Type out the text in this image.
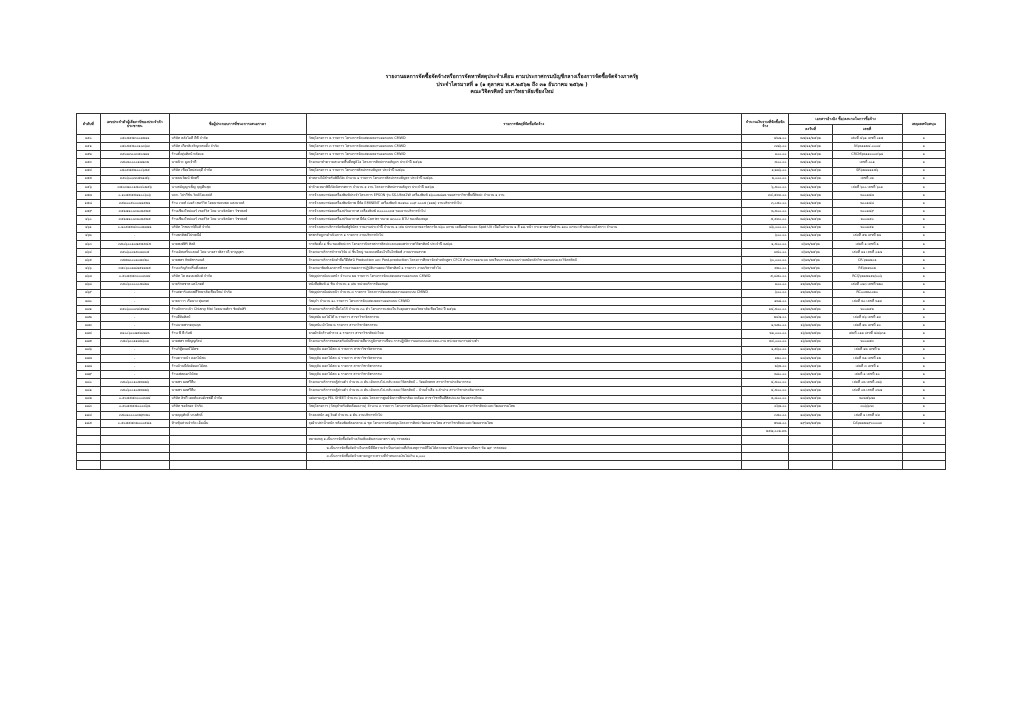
รายงานผลการจัดซื้อจัดจ้างหรือการจัดหาพัสดุประจำเดือน ตามประกาศกรมบัญชีกลางเรื่องการจัดซื้อจัดจ้างภาครัฐ
ประจำไตรมาสที่ ๑ (๑ ตุลาคม พ.ศ.๒๕๖๒ ถึง ๓๑ ธันวาคม ๒๕๖๒ )
คณะวิจิตรศิลป์ มหาวิทยาลัยเชียงใหม่
ลำดับที่	เลขประจำตัวผู้เสียภาษีของประจำตัวประชาชน	ชื่อผู้ประกอบการที่ชนะการเสนอราคา	รายการพัสดุที่จัดซื้อจัดจ้าง	จำนวนเงินรวมที่จัดซื้อจัดจ้าง	เอกสารอ้างอิง ซื้อ/ลงนามในการซื้อจ้าง		เหตุผลสนับสนุน
					ลงวันที่	เลขที่	
๑๕๐	๐๕๐๕๕๕๓๐๐๑๒๑๑	บริษัท คลังไอที ดีซี จำกัด	วัสดุโครงการ ๒ รายการ โครงการจัดแสดงผลงานออกแบบ CMWD	๔๒๗.๐๐	๒๗/๑๑/๒๕๖๒	เล่มที่ ๔๖๑ เลขที่ ๐๑๕	๑
๑๕๑	๐๕๐๕๕๕๐๐๑๐๓๖๗	บริษัท เกียรติเจริญเทรดดิ้ง จำกัด	วัสดุโครงการ ๓ รายการ โครงการจัดแสดงผลงานออกแบบ CMWD	๓๗๖.๐๐	๒๗/๑๑/๒๕๖๒	IV๖๒๑๑๒๔-๐๐๐๔	๑
๑๕๒	๓๕๐๑๓๐๐๓๕๐๗๑๑	ร้านตั้งยุ่นศิลป์ หลังมอ	วัสดุโครงการ ๑ รายการ โครงการจัดแสดงผลงานออกแบบ CMWD	๑๐๐.๐๐	๒๗/๑๑/๒๕๖๒	CRCM๖๒๑๑๐๐๐๓๖๘	๑
๑๕๓	๓๕๐๒๐๐๐๐๑๗๑๓๒	นายปิวะ มูลเจ้าที	จ้างเหมาทำความสะอาดพื้นที่สตูดิโอ โครงการศิลปกรรมสัญจร ประจำปี ๒๕๖๒	๕๐๐.๐๐	๒๗/๑๑/๒๕๖๒	เลขที่ ๐๐๑	๑
๑๕๔	๐๕๐๕๕๕๒๐๐๐๖๕๕	บริษัท เชียงใหม่สมฤดี จำกัด	วัสดุโครงการ ๑ รายการ โครงการศิลปกรรมสัญจร ประจำปี ๒๕๖๒	๑,๒๑๖.๐๐	๒๗/๑๑/๒๕๖๒	SR๖๒๑๑๑๑๕๖	๑
๑๕๕	๓๕๐๖๐๐๓๓๕๒๑๕๖	นายธนวัฒน์ พักศรี	ค่าหลวงไม้สำหรับพิธีเปิด จำนวน ๑ รายการ โครงการศิลปกรรมสัญจร ประจำปี ๒๕๖๒	๒,๐๐๐.๐๐	๒๗/๑๑/๒๕๖๒	เลขที่ ๐๒	๑
๑๕๖	๓๕๐๓๗๐๐๑๕๐๔๐๒๕๖	นางสมัญญาเพ็ญ บุญคืนสุด	ค่าจ้างเหมาพิธีเปิดนิทรรศการ จำนวน ๑ งาน โครงการศิลปกรรมสัญจร ประจำปี ๒๕๖๒	๖,๕๐๐.๐๐	๒๗/๑๑/๒๕๖๒	เล่มที่ ๖๐๐ เลขที่ ๖๐๑	๑
๑๕๗	๐-๑๐๕๕๕๕๑๑๐๐๖๐๖	บจก. โปรวีชั่น วิดดิโอแลปส์	การจ้างเหมาซ่อมเครื่องพิมพ์ประจำโครงการ EPSON รุ่น SS-Ultra2W เครื่องพิมพ์ ๑๖๐๐๒๘๑๒ ของสาขาวิชาพื้นที่ศิลปะ จำนวน ๑ งาน	๓๔,๕๓๓.๐๐	๒๘/๑๑/๒๕๖๒	๒๐๐๑๔๗	๑
๑๕๘	๓๕๑๐๐๕๐๐๐๑๑๕๒๑	ร้าน เวลท์ เมอร์ เซอร์วิส โดยนายธนพล แสงนวลต์	การจ้างเหมาซ่อมเครื่องพิมพ์ภาพ ยี่ห้อ EMINENT เครื่องพิมพ์ ๕๐๑๒๐ ๐๐๙ ๐๐๐๕ (๑๑๒) งานบริหารทั่วไป	๓,๐๕๐.๐๐	๒๘/๑๑/๒๕๖๒	๒๐๐๑๔๘	๑
๑๕๙	๓๕๑๗๑๐๐๓๑๐๒๕๒๕	ร้านเชียงใหม่แอร์ เซอร์วิส โดย นางจิตนิตา วัชรพงษ์	การจ้างเหมาซ่อมเครื่องปรับอากาศ เครื่องพิมพ์ ๓๐๐๐๐๐๓๕ ของงานบริหารทั่วไป	๒,๕๐๐.๐๐	๒๘/๑๑/๒๕๖๒	๒๐๐๑๔๙	๑
๑๖๐	๓๕๑๗๑๐๐๓๑๐๒๕๒๕	ร้านเชียงใหม่แอร์ เซอร์วิส โดย นางจิตนิตา วัชรพงษ์	การจ้างเหมาซ่อมเครื่องปรับอากาศ ยี่ห้อ Carrier ขนาด ๑๓๐๐๐ BTU ของห้องสมุด	๕,๕๓๐.๐๐	๒๘/๑๑/๒๕๖๒	๒๐๐๑๕๐	๑
๑๖๑	๐-๑๐๕๕๕๔๓๐๐๒๗๗๑	บริษัท ไรซเบาท์ดีแท้ จำกัด	การจ้างเหมาบริการจัดพิมพ์สูจิบัตร รายงานประจำปี จำนวน ๑ เล่ม ปกกระดาษอาร์ตการ์ด ๒๖๐ แกรม เคลือบด้านและ Spot UV เนื้อในจำนวน ๑ สี ๑๘ หน้า กระดาษอาร์ตด้าน ๑๓๐ แกรม เข้าเล่มแบบไสกาว จำนวน	๘๖,๐๐๐.๐๐	๒๘/๑๑/๒๕๖๒	๒๐๐๑๕๑	๑
๑๖๒	-	ร้านพรทิพย์ไปรษณีย์	พรพรรัษฎกรดำเนินการ ๑ รายการ งานบริหารทั่วไป	๖๐๐.๐๐	๒๘/๑๑/๒๕๖๒	เล่มที่ ๕๒ เลขที่ ๒๑	๑
๑๖๓	๓๕๐๖๐๐๑๐๗๕๕๕๔๕	นายพงศ์ศิริ ศิลดิ	การติดตั้ง ๑ ชิ้น ของศิลปะกร โครงการนิทรรศการศิลปะและเผยแพร่กวาศวิจิตรศิลป์ ประจำปี ๒๕๖๒	๑,๕๐๐.๐๐	๔/๑๒/๒๕๖๒	เล่มที่ ๑ เลขที่ ๑	๑
๑๖๔	๓๕๐๖๐๐๑๕๐๑๗๐๕	ร้านเอิสเตร็นแลนด์ โดย นางสาวศิลาวดี ทาญบุตร	จ้างเหมาบริการทำรายวิจัย ๔ ชิ้นใหญ่ รองลงเหมือนไข่ในไหพิมพ์ งานบรรณลรรต	๗๔๐.๐๐	๔/๑๒/๒๕๖๒	เล่มที่ ๑๑ เลขที่ ๐๑๗	๑
๑๖๕	๓๕๒๒๐๐๐๑๐๒๔๒๐	นายพศร ทิพย์ชรรมนต์	จ้างเหมาบริการจัดทำสื่อวีดีทัศน์ Production และ Post-production โครงการศึกษาจัดทำหลักสูตร CFCS ด้านการออกแบบ บทเรียนการออกแบบร่วมสมัยหลักวิชาออกแบบและวิจิตรศิลป์	๖๐,๐๐๐.๐๐	๔/๑๒/๒๕๖๒	CR.๖๒๑๒๐๑	๑
๑๖๖	๓๕๐๖๐๐๑๘๗๕๑๑๒๕	ร้านเจริญกิจปริ้นติ้งเพลส	จ้างเหมาพิมพ์เอกสารที่ รายงานผลการปฏิบัติงานคณะวิจิตรศิลป์ ๑ รายการ งานบริหารทั่วไป	๕๒๐.๐๐	๔/๑๒/๒๕๖๒	RE๖๒๑๒๐๒	๑
๑๖๗	๐-๕๐๕๕๕๓๐๐๐๓๗๔	บริษัท ไฮ คอมแพลิงค์ จำกัด	วัสดุอุปกรณ์แนนหน้า จำนวน ๒๒ รายการ โครงการจัดแสดงผลงานออกแบบ CMWD	๕,๘๕๐.๐๐	๑๒/๑๒/๒๕๖๒	RCQ๖๒๑๒๑๑๒/๐๐๖	๑
๑๖๘	๓๕๐๖๐๐๐๐๐๕๘๒๑	นายรักษชาต ผลโภคต์	หนังสือพิมพ์ ๘ ชิ้น จำนวน ๑ เล่ม หน่วยบริการห้องสมุด	๑๐๐.๐๐	๑๒/๑๒/๒๕๖๒	เล่มที่ ๐๑๓ เลขที่ ๒๒๐	๑
๑๖๙	-	ร้านสตาร์แสงเพทีวิทยาลัยเชียงใหม่ จำกัด	วัสดุอุปกรณ์แผ่นหน้า จำนวน ๓ รายการ โครงการจัดแสดงผลงานออกแบบ CMWD	๖๐๐.๐๐	๑๒/๑๒/๒๕๖๒	RC๐๐๒๒๐๐๒๐	๑
๑๗๐	-	นายธาวา เรือนาง ทุ่มเทศ	วัสดุจำ จำนวน ๑๐ รายการ โครงการจัดแสดงผลงานออกแบบ CMWD	๑๒๘.๐๐	๑๒/๑๒/๒๕๖๒	เล่มที่ ๒๐ เลขที่ ๒๑๓	๑
๑๗๑	๓๕๐๖๐๐๐๓๔๕๒๒๔	ร้านปักกระเป๋า Chiang Mai โดยนายศักร ชิดดัมศิริ	จ้างเหมาบริการทำปั๊มโลโก้ จำนวน ๓๐ ตัว โครงการแสดงในวันคุณตรวยเอวิทยาลัยเชียงใหม่ ปี ๒๕๖๒	๑๔,๕๐๐.๐๐	๑๒/๑๒/๒๕๖๒	๒๐๐๑๕๒	๑
๑๗๒	-	ร้านยี่ห้อศิลป์	วัสดุสมัย ผลโม้ไต๊ ๒ รายการ สาขาวิชาจิตรกรรม	๒๔๗.๐๐	๑๓/๑๒/๒๕๖๒	เล่มที่ ๒๖ เลขที่ ๑๓	๑
๑๗๓	-	ร้านนายพรรดฤนฤต	วัสดุหนับ ผ้าไทย ๒ รายการ สาขาวิชาจิตรกรรม	๑,๒๕๐.๐๐	๑๖/๑๒/๒๕๖๒	เล่มที่ ๑๒ เลขที่ ๑๐	๑
๑๗๔	๓๑๐๐๖๐๐๗๕๘๗๑๒	ร้าน พี พี กัมพ์	ลายผ้าจัดร้านสำรวจ ๑ รายการ สาขาวิชาศิลปะไทย	๒๑,๐๐๐.๐๐	๑๖/๑๒/๒๕๖๒	เล่มที่ ๐๑๑ เลขที่ ๔๗๖๓๑	๑
๑๗๕	๓๕๐๖๐๐๑๑๘๒๖๐๑	นายพศร ทพิญญกัลป	จ้างเหมาบริการซลอรตรับบันทึกทบ่ายสียารภูมิกรสารเขียน การปฏิบัติการออกแบบและจอบ-งาน หน่วยงานการอย่างต่ำ	๒๔,๐๐๐.๐๐	๑๖/๑๒/๒๕๖๒	๒๐๐๑๕๓	๑
๑๗๖	-	ร้านวิทู๊ดจอบ์ไอ้ตช	วัสดุจุลับ ดอกไม้สด ๔ รายการ สาขาวิชาจิตรกรรม	๑,๕๖๐.๐๐	๑๘/๑๒/๒๕๖๒	เล่มที่ ๑๒ เลขที่ ๒	๑
๑๗๗	-	ร้านความบัว ดอกไม้สด	วัสดุจุลับ ดอกไม้สด ๔ รายการ สาขาวิชาจิตรกรรม	๑๒๐.๐๐	๑๘/๑๒/๒๕๖๒	เล่มที่ ๒๑ เลขที่ ๑๒	๑
๑๗๘	-	ร้านบ้านบีดัดดิดอกไม้สด	วัสดุจุลับ ดอกไม้สด ๒ รายการ สาขาวิชาจิตรกรรม	๒๖๒.๐๐	๑๘/๑๒/๒๕๖๒	เล่มที่ ๓ เลขที่ ๑	๑
๑๗๙	-	ร้านเพ่ตดอกไม้สด	วัสดุจุลับ ดอกไม้สด ๑ รายการ สาขาวิชาจิตรกรรม	๒๘๐.๐๐	๑๘/๑๒/๒๕๖๒	เล่มที่ ๑ เลขที่ ๑๐	๑
๑๘๐	๓๕๐๖๐๐๑๐๕๒๒๒๖	นายพร ผลศรีทีม	จ้างเหมาบริการรถตู้ส่วนตัว จำนวน ๓ คัน เดินทางไป-กลับ คณะวิจิตรศิลป์ – วัดผลักตพร สาขาวิชาประติมากรรม	๔,๕๐๐.๐๐	๑๘/๑๒/๒๕๖๒	เล่มที่ ๐๒ เลขที่ ๐๒๖	๑
๑๘๑	๓๕๐๖๐๐๑๐๕๒๒๒๖	นายพร ผลศรีทีม	จ้างเหมาบริการรถตู้ส่วนตัว จำนวน ๓ คัน เดินทางไป-กลับ คณะวิจิตรศิลป์ – บ้านถ้ำเสือ จ.ลำปาง สาขาวิชาประติมากรรม	๔,๕๐๐.๐๐	๑๘/๑๒/๒๕๖๒	เล่มที่ ๐๒ เลขที่ ๐๒๗	๑
๑๘๒	๐-๕๐๕๕๕๓๐๐๐๓๗๔	บริษัท ลิฟวี เฮลท์แอนด์เชฟตี้ จำกัด	แผ่นกรองรูน PEL SHEET จำนวน ๖ แผ่น โครงการศูนย์จัดการศึกษาสิ่งแวดล้อม สาขาวิชาพื้นที่ศิลปะและวัฒนธรรมไทย	๒,๘๐๐.๐๐	๑๘/๑๒/๒๕๖๒	๒๐๒๕๖๗๑	๑
๑๘๓	๐-๕๐๕๕๕๕๐๐๐๔๖๒	บริษัท ชอร์ตอร จำกัด	วัสดุโครงการ (วัสดุสำหรับติดตั้งผลงาน) จำนวน ๓ รายการ โครงการสนับสนุนโครงการศิลปะวัฒนธรรมไทย สาขาวิชาศิลปะและวัฒนธรรมไทย	๔๖๒.๐๐	๑๘/๑๒/๒๕๖๒	๓๐๖๖๓๓	๑
๑๘๔	๓๕๐๑๐๐๐๐๓๒๙๓๒๐	นายบุญศักดิ์ บางศักดิ์	จ้างลงสนัก อยู่ จินต์ จำนวน ๑ คัน งานบริหารทั่วไป	๓๕๐.๐๐	๑๘/๑๒/๒๕๖๒	เล่มที่ ๑ เลขที่ ๔๓	๑
๑๘๕	๐-๕๐๕๕๕๓๒๐๐๐๕๘๑	ห้างหุ้นส่วนจำกัด เอ็มเอ็ม	ถุงผ้าเปล่าน้ำหนัก พร้อมพิมพ์ลอกลาย ๘ ชุด โครงการสนับสนุนโครงการศิลปะวัฒนธรรมไทย สาขาวิชาศิลปะและวัฒนธรรมไทย	๕๒๘.๐๐	๑๙/๑๒/๒๕๖๒	CA๖๒๑๒๑๙๐๐๐๐๗	๑
				๒๕๗,๐๐๒.๓๒			
			หมายเหตุ ๑.เป็นการจัดซื้อจัดจ้างเกินเพิ่มเติมตามมาตรา ๕๖ วรรคสอง				
			๒.เป็นการจัดซื้อจัดจ้างในกรณีที่มีความจำเป็นเร่งด่วนที่เกิดเหตุการณ์ที่ไม่ได้คาดหมายไว้ก่อนตามระเบียบฯ ข้อ ๗๙ วรรคสอง				
			๓.เป็นการจัดซื้อจัดจ้างตามกฎกระทรวงที่กำหนดวงเงินไม่เกิน ๑,๐๐๐				
